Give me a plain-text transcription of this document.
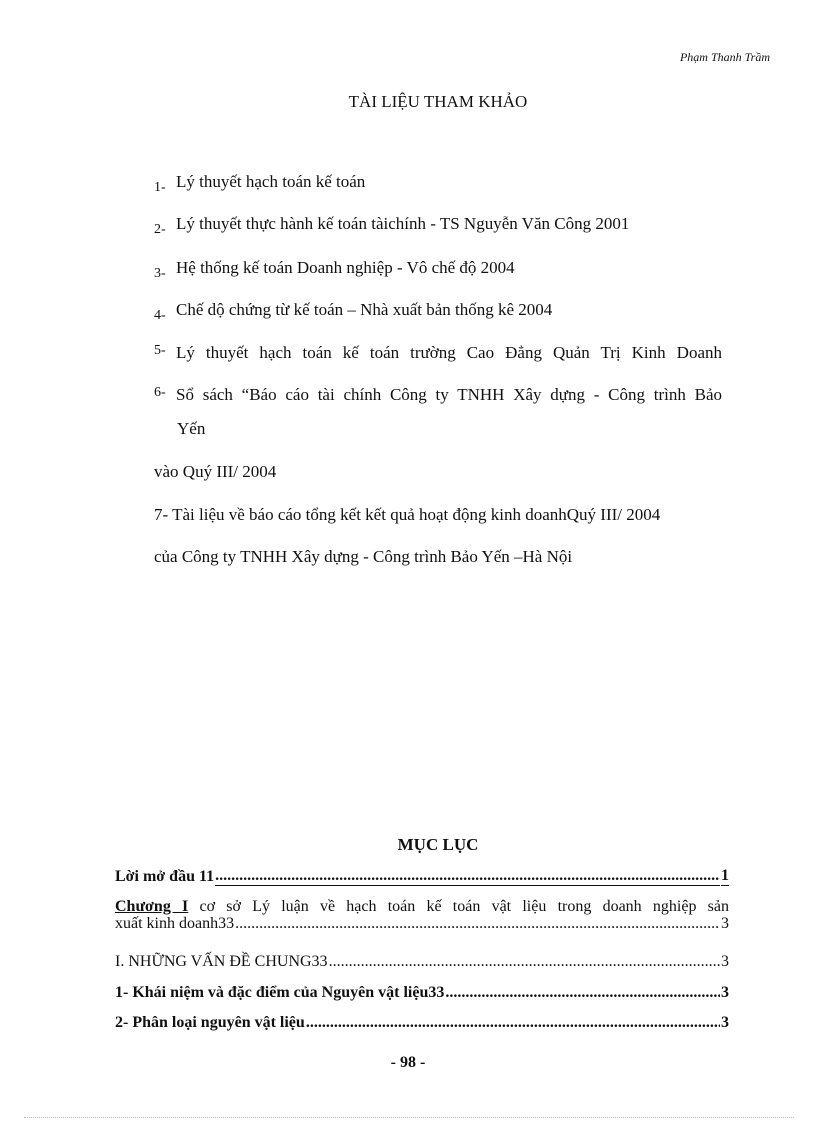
Phạm Thanh Trầm
TÀI LIỆU THAM KHẢO
1- Lý thuyết hạch toán kế toán
2- Lý thuyết thực hành kế toán tàichính - TS Nguyễn Văn Công 2001
3- Hệ thống kế toán Doanh nghiệp - Vô chế độ 2004
4- Chế dộ chứng từ kế toán – Nhà xuất bản thống kê 2004
5- Lý thuyết hạch toán kế toán trường Cao Đẳng Quản Trị Kinh Doanh
6- Sổ sách “Báo cáo tài chính Công ty TNHH Xây dựng - Công trình Bảo
Yến
vào Quý III/ 2004
7- Tài liệu về báo cáo tổng kết kết quả hoạt động kinh doanhQuý III/ 2004
của Công ty TNHH Xây dựng - Công trình Bảo Yến –Hà Nội
MỤC LỤC
Lời mở đầu 11 .....	1
Chương I cơ sở Lý luận về hạch toán kế toán vật liệu trong doanh nghiệp sản
xuất kinh doanh33 .....	3
I. NHỮNG VẤN ĐỀ CHUNG33 .....	3
1- Khái niệm và đặc điểm của Nguyên vật liệu33 .....	3
2- Phân loại nguyên vật liệu .....	3
- 98 -
